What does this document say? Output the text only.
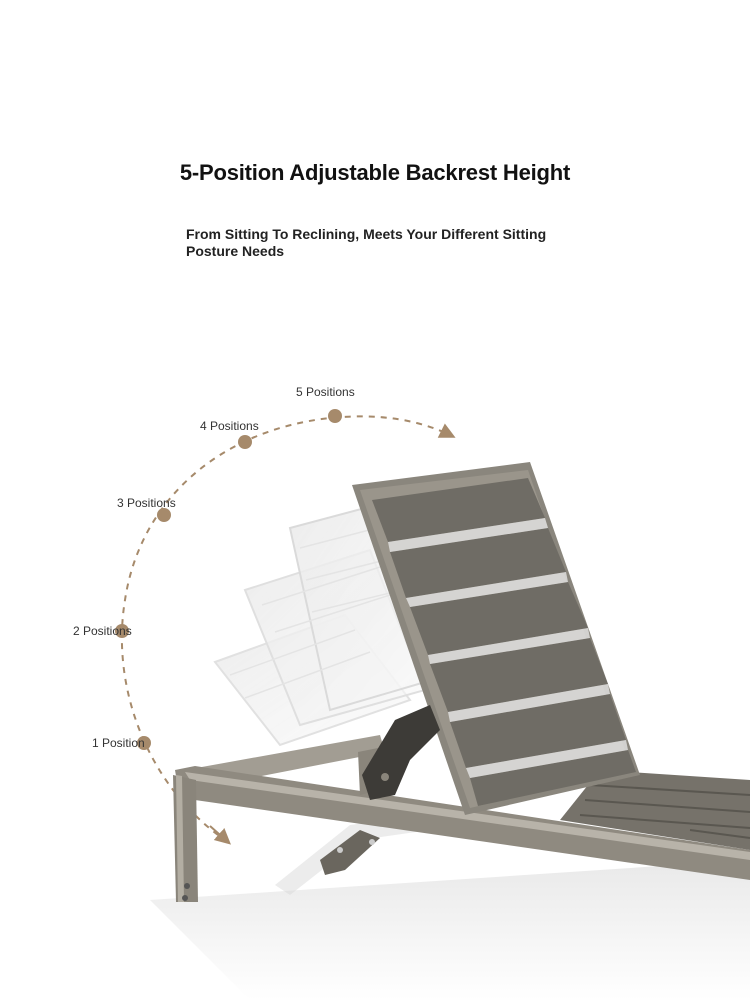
5-Position Adjustable Backrest Height
From Sitting To Reclining, Meets Your Different Sitting Posture Needs
1 Position
2 Positions
3 Positions
4 Positions
5 Positions
